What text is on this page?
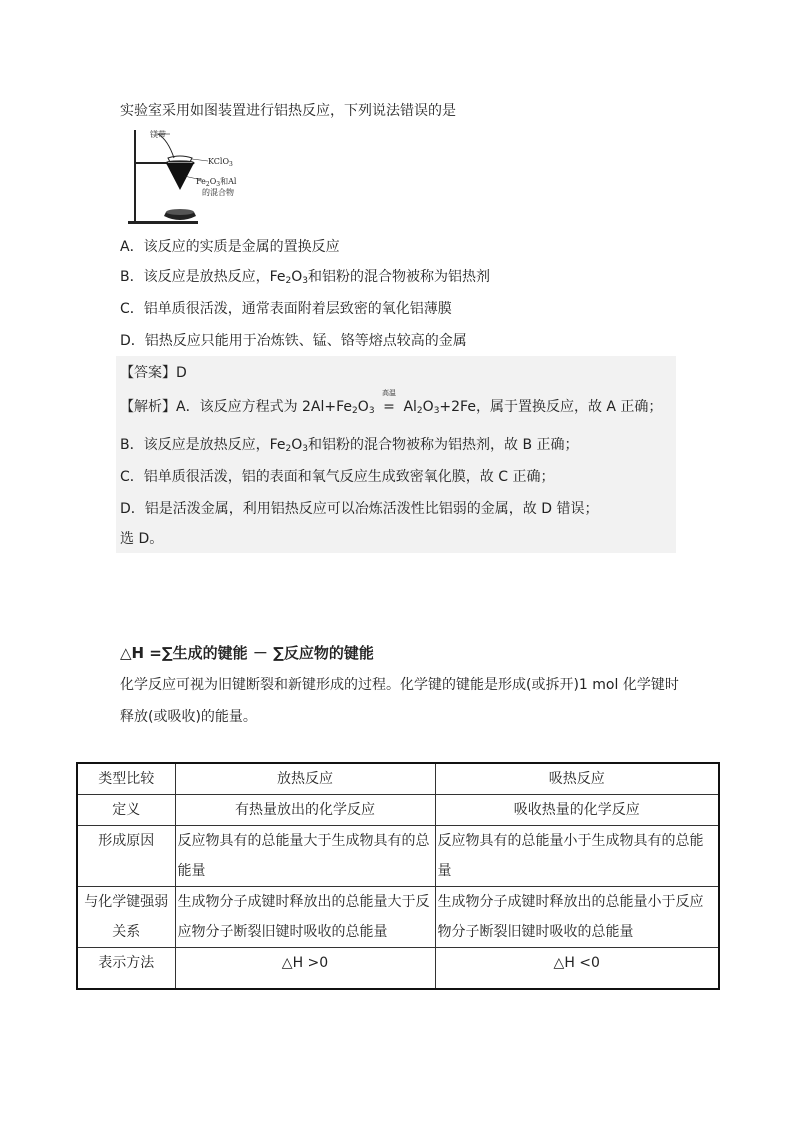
实验室采用如图装置进行铝热反应，下列说法错误的是
镁带
KClO$_3$
$Fe_2O_3$和Al
的混合物
A．该反应的实质是金属的置换反应
B．该反应是放热反应，$Fe_2O_3$和铝粉的混合物被称为铝热剂
C．铝单质很活泼，通常表面附着层致密的氧化铝薄膜
D．铝热反应只能用于冶炼铁、锰、铬等熔点较高的金属
【答案】D
【解析】A．该反应方程式为 $2Al+Fe_2O_3$
高温
= $Al_2O_3+2Fe$，属于置换反应，故 A 正确；
B．该反应是放热反应，$Fe_2O_3$和铝粉的混合物被称为铝热剂，故 B 正确；
C．铝单质很活泼，铝的表面和氧气反应生成致密氧化膜，故 C 正确；
D．铝是活泼金属，利用铝热反应可以冶炼活泼性比铝弱的金属，故 D 错误；
选 D。
△H =∑生成的键能 － ∑反应物的键能
化学反应可视为旧键断裂和新键形成的过程。化学键的键能是形成(或拆开)1 mol 化学键时
释放(或吸收)的能量。
类型比较	放热反应	吸热反应
定义	有热量放出的化学反应	吸收热量的化学反应
形成原因	反应物具有的总能量大于生成物具有的总能量	反应物具有的总能量小于生成物具有的总能量
与化学键强弱关系	生成物分子成键时释放出的总能量大于反应物分子断裂旧键时吸收的总能量	生成物分子成键时释放出的总能量小于反应物分子断裂旧键时吸收的总能量
表示方法	△H >0	△H <0
